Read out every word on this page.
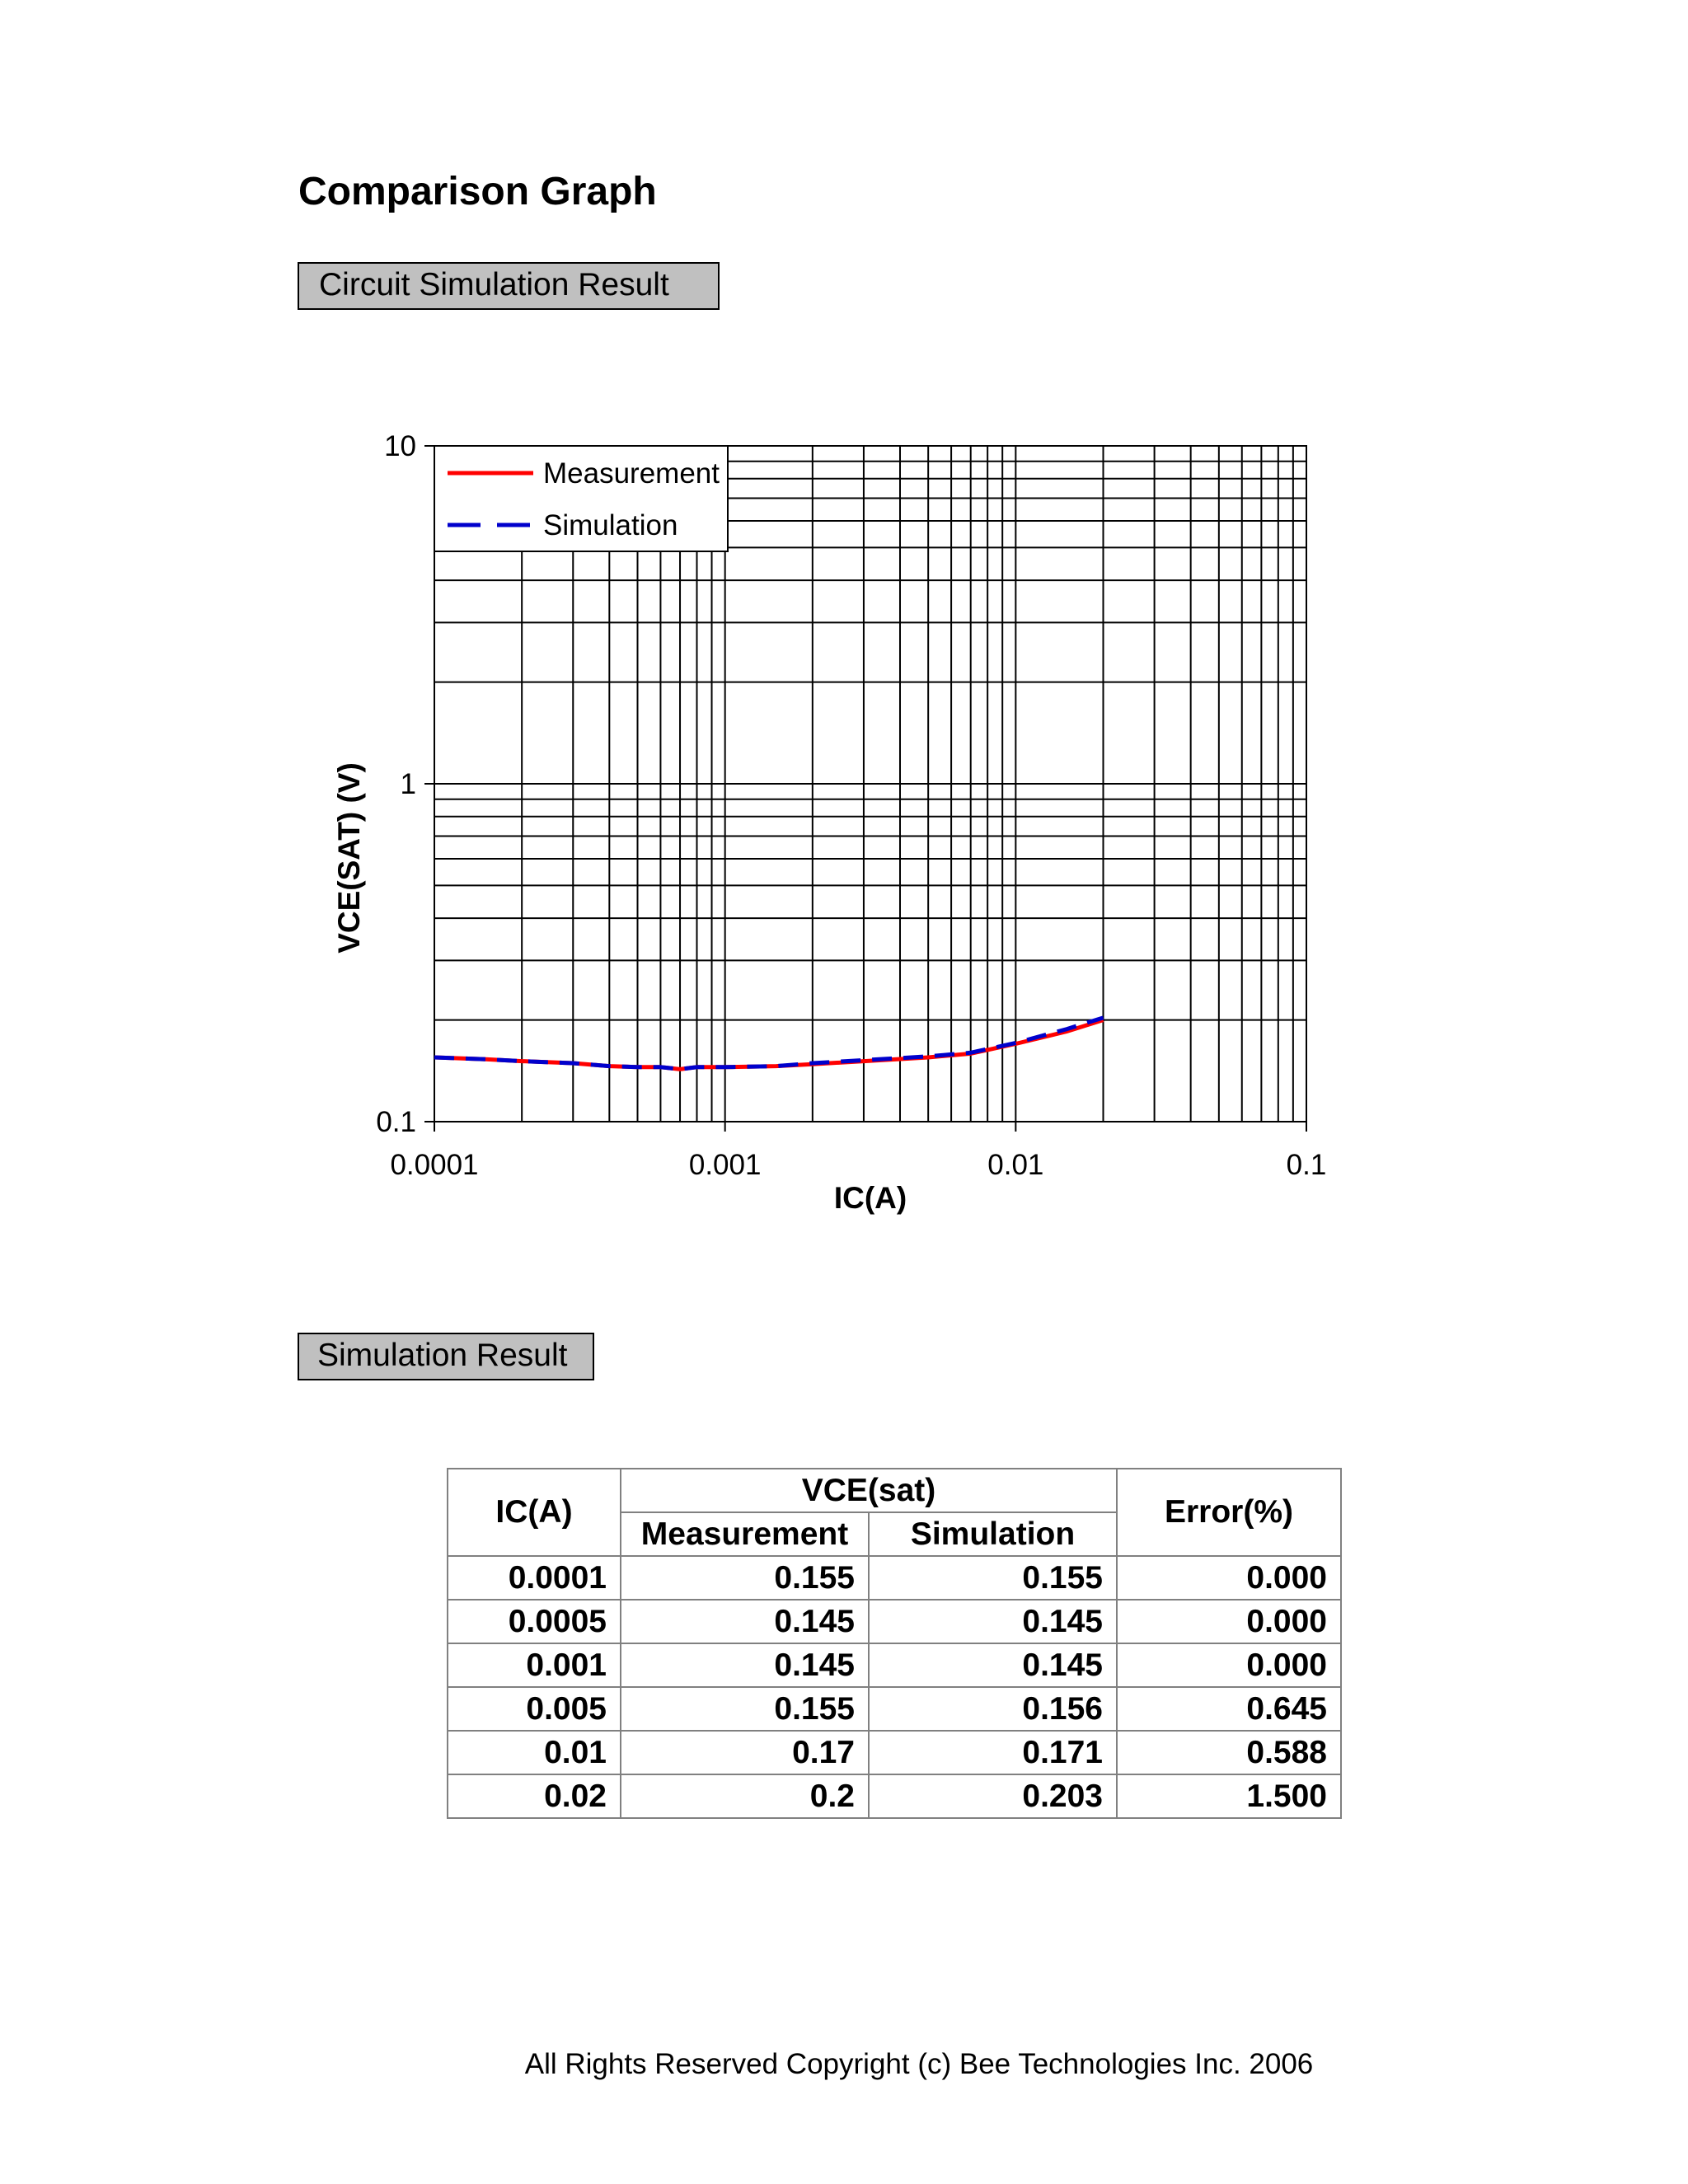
Comparison Graph
Circuit Simulation Result
0.0001	0.001	0.01	0.1
0.1
1
10
Measurement
Simulation
IC(A)
VCE(SAT) (V)
Simulation Result
IC(A)	VCE(sat)		Error(%)
	Measurement	Simulation	
0.0001	0.155	0.155	0.000
0.0005	0.145	0.145	0.000
0.001	0.145	0.145	0.000
0.005	0.155	0.156	0.645
0.01	0.17	0.171	0.588
0.02	0.2	0.203	1.500
All Rights Reserved Copyright (c) Bee Technologies Inc. 2006
